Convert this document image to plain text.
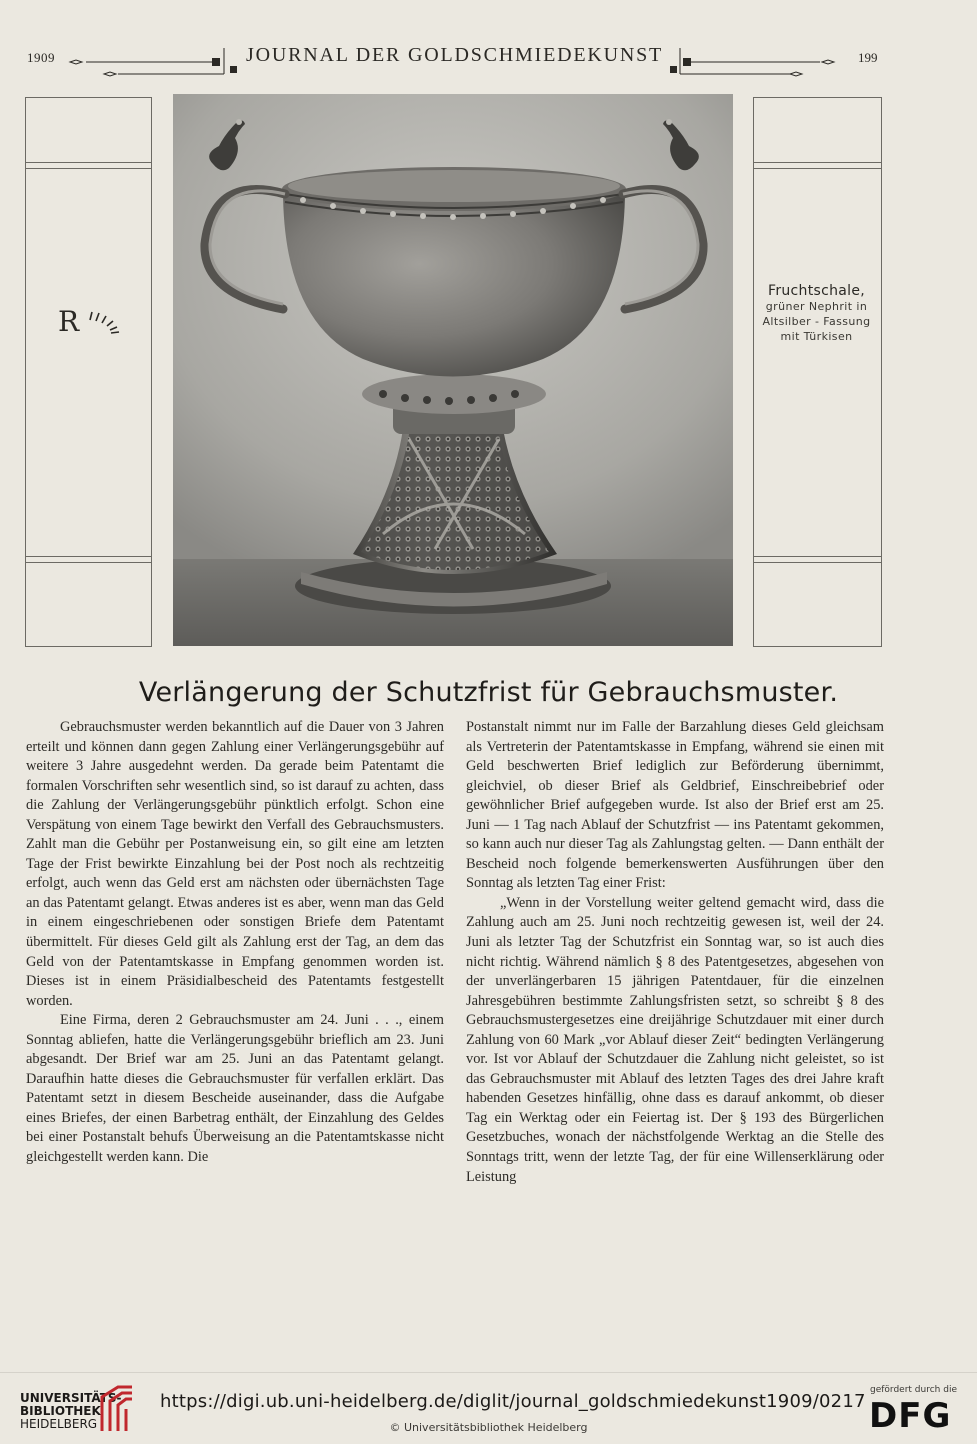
1909	JOURNAL DER GOLDSCHMIEDEKUNST	199
R
Fruchtschale,
grüner Nephrit in
Altsilber - Fassung
mit Türkisen
Verlängerung der Schutzfrist für Gebrauchsmuster.

Gebrauchsmuster werden bekanntlich auf die Dauer von 3 Jahren erteilt und können dann gegen Zahlung einer Verlängerungsgebühr auf weitere 3 Jahre ausgedehnt werden. Da gerade beim Patentamt die formalen Vorschriften sehr wesentlich sind, so ist darauf zu achten, dass die Zahlung der Verlängerungsgebühr pünktlich erfolgt. Schon eine Verspätung von einem Tage bewirkt den Verfall des Gebrauchsmusters. Zahlt man die Gebühr per Postanweisung ein, so gilt eine am letzten Tage der Frist bewirkte Einzahlung bei der Post noch als rechtzeitig erfolgt, auch wenn das Geld erst am nächsten oder übernächsten Tage an das Patentamt gelangt. Etwas anderes ist es aber, wenn man das Geld in einem eingeschriebenen oder sonstigen Briefe dem Patentamt übermittelt. Für dieses Geld gilt als Zahlung erst der Tag, an dem das Geld von der Patentamtskasse in Empfang genommen worden ist. Dieses ist in einem Präsidialbescheid des Patentamts festgestellt worden.

Eine Firma, deren 2 Gebrauchsmuster am 24. Juni . . ., einem Sonntag abliefen, hatte die Verlängerungsgebühr brieflich am 23. Juni abgesandt. Der Brief war am 25. Juni an das Patentamt gelangt. Daraufhin hatte dieses die Gebrauchsmuster für verfallen erklärt. Das Patentamt setzt in diesem Bescheide auseinander, dass die Aufgabe eines Briefes, der einen Barbetrag enthält, der Einzahlung des Geldes bei einer Postanstalt behufs Überweisung an die Patentamtskasse nicht gleichgestellt werden kann. Die

Postanstalt nimmt nur im Falle der Barzahlung dieses Geld gleichsam als Vertreterin der Patentamtskasse in Empfang, während sie einen mit Geld beschwerten Brief lediglich zur Beförderung übernimmt, gleichviel, ob dieser Brief als Geldbrief, Einschreibebrief oder gewöhnlicher Brief aufgegeben wurde. Ist also der Brief erst am 25. Juni — 1 Tag nach Ablauf der Schutzfrist — ins Patentamt gekommen, so kann auch nur dieser Tag als Zahlungstag gelten. — Dann enthält der Bescheid noch folgende bemerkenswerten Ausführungen über den Sonntag als letzten Tag einer Frist:

„Wenn in der Vorstellung weiter geltend gemacht wird, dass die Zahlung auch am 25. Juni noch rechtzeitig gewesen ist, weil der 24. Juni als letzter Tag der Schutzfrist ein Sonntag war, so ist auch dies nicht richtig. Während nämlich § 8 des Patentgesetzes, abgesehen von der unverlängerbaren 15 jährigen Patentdauer, für die einzelnen Jahresgebühren bestimmte Zahlungsfristen setzt, so schreibt § 8 des Gebrauchsmustergesetzes eine dreijährige Schutzdauer mit einer durch Zahlung von 60 Mark „vor Ablauf dieser Zeit“ bedingten Verlängerung vor. Ist vor Ablauf der Schutzdauer die Zahlung nicht geleistet, so ist das Gebrauchsmuster mit Ablauf des letzten Tages des drei Jahre kraft habenden Gesetzes hinfällig, ohne dass es darauf ankommt, ob dieser Tag ein Werktag oder ein Feiertag ist. Der § 193 des Bürgerlichen Gesetzbuches, wonach der nächstfolgende Werktag an die Stelle des Sonntags tritt, wenn der letzte Tag, der für eine Willenserklärung oder Leistung

UNIVERSITÄTS-
BIBLIOTHEK
HEIDELBERG
https://digi.ub.uni-heidelberg.de/diglit/journal_goldschmiedekunst1909/0217
© Universitätsbibliothek Heidelberg
gefördert durch die
DFG
